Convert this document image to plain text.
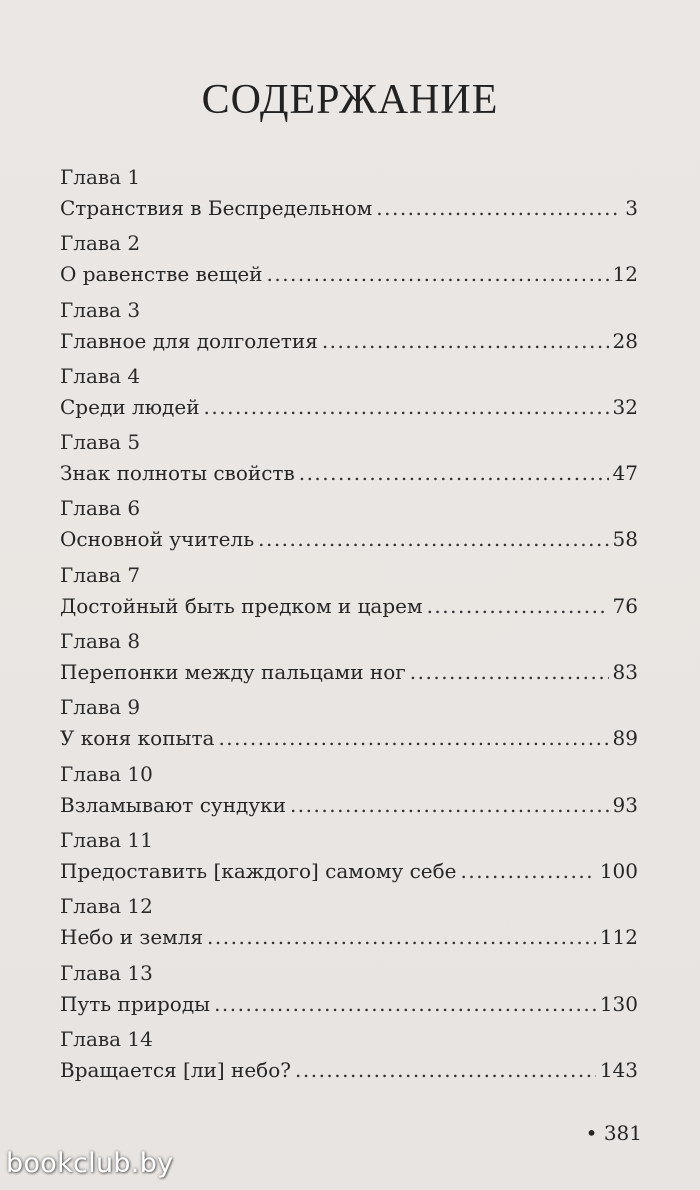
СОДЕРЖАНИЕ
Глава 1
Странствия в Беспредельном .....	3
Глава 2
О равенстве вещей .....	12
Глава 3
Главное для долголетия .....	28
Глава 4
Среди людей .....	32
Глава 5
Знак полноты свойств .....	47
Глава 6
Основной учитель .....	58
Глава 7
Достойный быть предком и царем .....	76
Глава 8
Перепонки между пальцами ног .....	83
Глава 9
У коня копыта .....	89
Глава 10
Взламывают сундуки .....	93
Глава 11
Предоставить [каждого] самому себе .....	100
Глава 12
Небо и земля .....	112
Глава 13
Путь природы .....	130
Глава 14
Вращается [ли] небо? .....	143
• 381
bookclub.by
